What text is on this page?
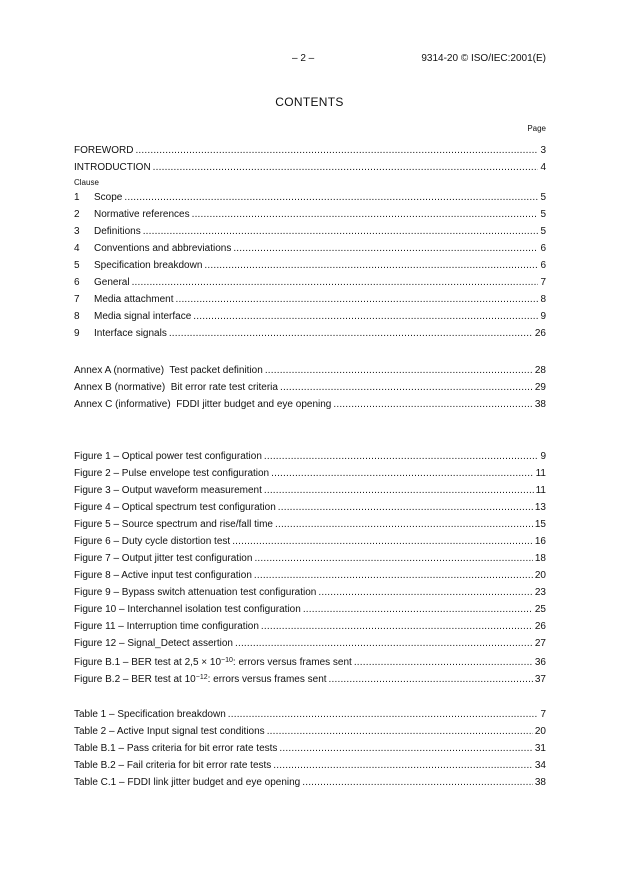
– 2 –	9314-20 © ISO/IEC:2001(E)
CONTENTS
Page
FOREWORD .....	3
INTRODUCTION .....	4
Clause
1	Scope .....	5
2	Normative references .....	5
3	Definitions .....	5
4	Conventions and abbreviations .....	6
5	Specification breakdown .....	6
6	General .....	7
7	Media attachment .....	8
8	Media signal interface .....	9
9	Interface signals .....	26
Annex A (normative)  Test packet definition .....	28
Annex B (normative)  Bit error rate test criteria .....	29
Annex C (informative)  FDDI jitter budget and eye opening .....	38
Figure 1 – Optical power test configuration .....	9
Figure 2 – Pulse envelope test configuration .....	11
Figure 3 – Output waveform measurement .....	11
Figure 4 – Optical spectrum test configuration .....	13
Figure 5 – Source spectrum and rise/fall time .....	15
Figure 6 – Duty cycle distortion test .....	16
Figure 7 – Output jitter test configuration .....	18
Figure 8 – Active input test configuration .....	20
Figure 9 – Bypass switch attenuation test configuration .....	23
Figure 10 – Interchannel isolation test configuration .....	25
Figure 11 – Interruption time configuration .....	26
Figure 12 – Signal_Detect assertion .....	27
Figure B.1 – BER test at $2,5 \times 10^{-10}$: errors versus frames sent .....	36
Figure B.2 – BER test at $10^{-12}$: errors versus frames sent .....	37
Table 1 – Specification breakdown .....	7
Table 2 – Active Input signal test conditions .....	20
Table B.1 – Pass criteria for bit error rate tests .....	31
Table B.2 – Fail criteria for bit error rate tests .....	34
Table C.1 – FDDI link jitter budget and eye opening .....	38
